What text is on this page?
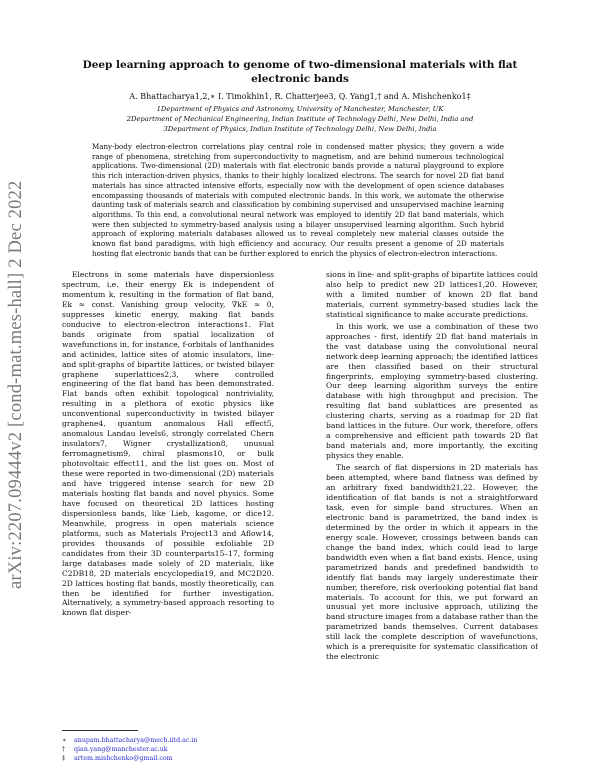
arXiv:2207.09444v2 [cond-mat.mes-hall] 2 Dec 2022
Deep learning approach to genome of two-dimensional materials with flat electronic bands
A. Bhattacharya1,2,∗ I. Timokhin1, R. Chatterjee3, Q. Yang1,† and A. Mishchenko1‡
1Department of Physics and Astronomy, University of Manchester, Manchester, UK
2Department of Mechanical Engineering, Indian Institute of Technology Delhi, New Delhi, India and
3Department of Physics, Indian Institute of Technology Delhi, New Delhi, India
Many-body electron-electron correlations play central role in condensed matter physics; they govern a wide range of phenomena, stretching from superconductivity to magnetism, and are behind numerous technological applications. Two-dimensional (2D) materials with flat electronic bands provide a natural playground to explore this rich interaction-driven physics, thanks to their highly localized electrons. The search for novel 2D flat band materials has since attracted intensive efforts, especially now with the development of open science databases encompassing thousands of materials with computed electronic bands. In this work, we automate the otherwise daunting task of materials search and classification by combining supervised and unsupervised machine learning algorithms. To this end, a convolutional neural network was employed to identify 2D flat band materials, which were then subjected to symmetry-based analysis using a bilayer unsupervised learning algorithm. Such hybrid approach of exploring materials databases allowed us to reveal completely new material classes outside the known flat band paradigms, with high efficiency and accuracy. Our results present a genome of 2D materials hosting flat electronic bands that can be further explored to enrich the physics of electron-electron interactions.

Electrons in some materials have dispersionless spectrum, i.e. their energy Ek is independent of momentum k, resulting in the formation of flat band, Ek ≈ const. Vanishing group velocity, ∇kE ≈ 0, suppresses kinetic energy, making flat bands conducive to electron-electron interactions1. Flat bands originate from spatial localization of wavefunctions in, for instance, f-orbitals of lanthanides and actinides, lattice sites of atomic insulators, line- and split-graphs of bipartite lattices, or twisted bilayer graphene superlattices2,3, where controlled engineering of the flat band has been demonstrated. Flat bands often exhibit topological nontriviality, resulting in a plethora of exotic physics like unconventional superconductivity in twisted bilayer graphene4, quantum anomalous Hall effect5, anomalous Landau levels6, strongly correlated Chern insulators7, Wigner crystallization8, unusual ferromagnetism9, chiral plasmons10, or bulk photovoltaic effect11, and the list goes on. Most of these were reported in two-dimensional (2D) materials and have triggered intense search for new 2D materials hosting flat bands and novel physics. Some have focused on theoretical 2D lattices hosting dispersionless bands, like Lieb, kagome, or dice12. Meanwhile, progress in open materials science platforms, such as Materials Project13 and Aflow14, provides thousands of possible exfoliable 2D candidates from their 3D counterparts15–17, forming large databases made solely of 2D materials, like C2DB18, 2D materials encyclopedia19, and MC2D20. 2D lattices hosting flat bands, mostly theoretically, can then be identified for further investigation. Alternatively, a symmetry-based approach resorting to known flat disper-

sions in line- and split-graphs of bipartite lattices could also help to predict new 2D lattices1,20. However, with a limited number of known 2D flat band materials, current symmetry-based studies lack the statistical significance to make accurate predictions.

In this work, we use a combination of these two approaches - first, identify 2D flat band materials in the vast database using the convolutional neural network deep learning approach; the identified lattices are then classified based on their structural fingerprints, employing symmetry-based clustering. Our deep learning algorithm surveys the entire database with high throughput and precision. The resulting flat band sublattices are presented as clustering charts, serving as a roadmap for 2D flat band lattices in the future. Our work, therefore, offers a comprehensive and efficient path towards 2D flat band materials and, more importantly, the exciting physics they enable.

The search of flat dispersions in 2D materials has been attempted, where band flatness was defined by an arbitrary fixed bandwidth21,22. However, the identification of flat bands is not a straightforward task, even for simple band structures. When an electronic band is parametrized, the band index is determined by the order in which it appears in the energy scale. However, crossings between bands can change the band index, which could lead to large bandwidth even when a flat band exists. Hence, using parametrized bands and predefined bandwidth to identify flat bands may largely underestimate their number, therefore, risk overlooking potential flat band materials. To account for this, we put forward an unusual yet more inclusive approach, utilizing the band structure images from a database rather than the parametrized bands themselves. Current databases still lack the complete description of wavefunctions, which is a prerequisite for systematic classification of the electronic

∗ anupam.bhattacharya@mech.iitd.ac.in
† qian.yang@manchester.ac.uk
‡ artem.mishchenko@gmail.com
